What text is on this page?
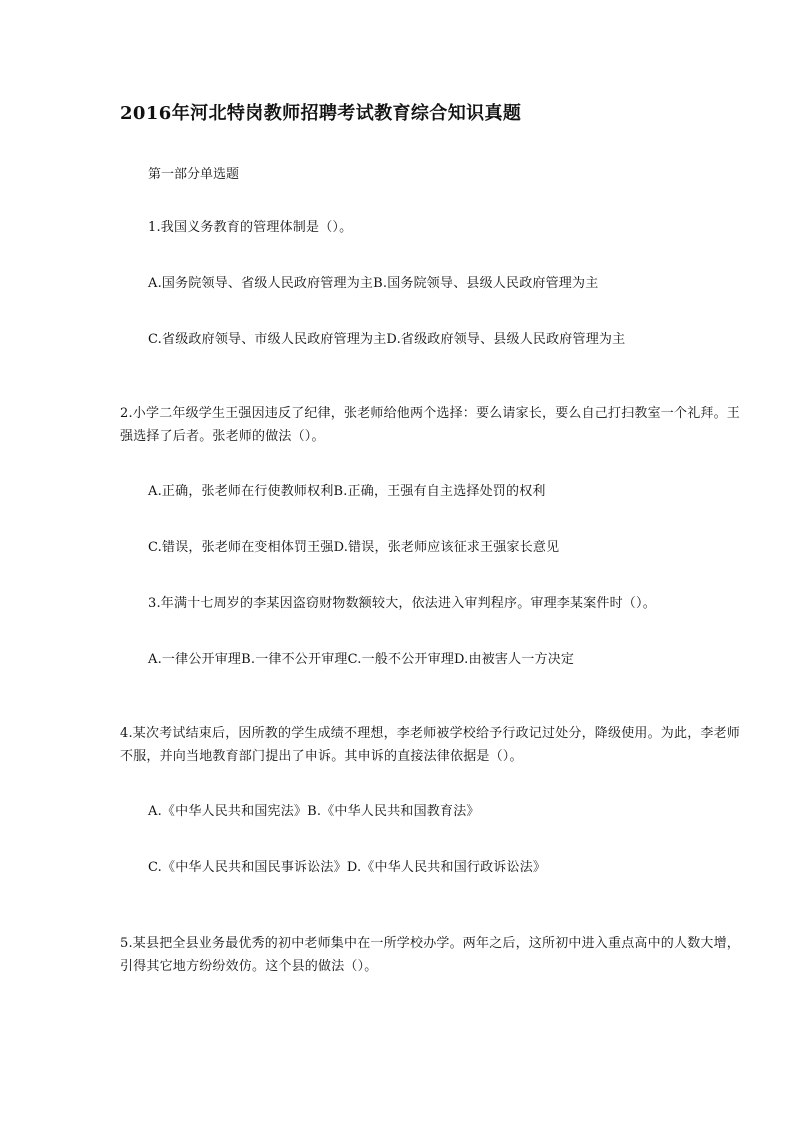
2016年河北特岗教师招聘考试教育综合知识真题

第一部分单选题

1.我国义务教育的管理体制是（）。

A.国务院领导、省级人民政府管理为主B.国务院领导、县级人民政府管理为主

C.省级政府领导、市级人民政府管理为主D.省级政府领导、县级人民政府管理为主

2.小学二年级学生王强因违反了纪律，张老师给他两个选择：要么请家长，要么自己打扫教室一个礼拜。王强选择了后者。张老师的做法（）。

A.正确，张老师在行使教师权利B.正确，王强有自主选择处罚的权利

C.错误，张老师在变相体罚王强D.错误，张老师应该征求王强家长意见

3.年满十七周岁的李某因盗窃财物数额较大，依法进入审判程序。审理李某案件时（）。

A.一律公开审理B.一律不公开审理C.一般不公开审理D.由被害人一方决定

4.某次考试结束后，因所教的学生成绩不理想，李老师被学校给予行政记过处分，降级使用。为此，李老师不服，并向当地教育部门提出了申诉。其申诉的直接法律依据是（）。

A.《中华人民共和国宪法》B.《中华人民共和国教育法》

C.《中华人民共和国民事诉讼法》D.《中华人民共和国行政诉讼法》

5.某县把全县业务最优秀的初中老师集中在一所学校办学。两年之后，这所初中进入重点高中的人数大增，引得其它地方纷纷效仿。这个县的做法（）。
